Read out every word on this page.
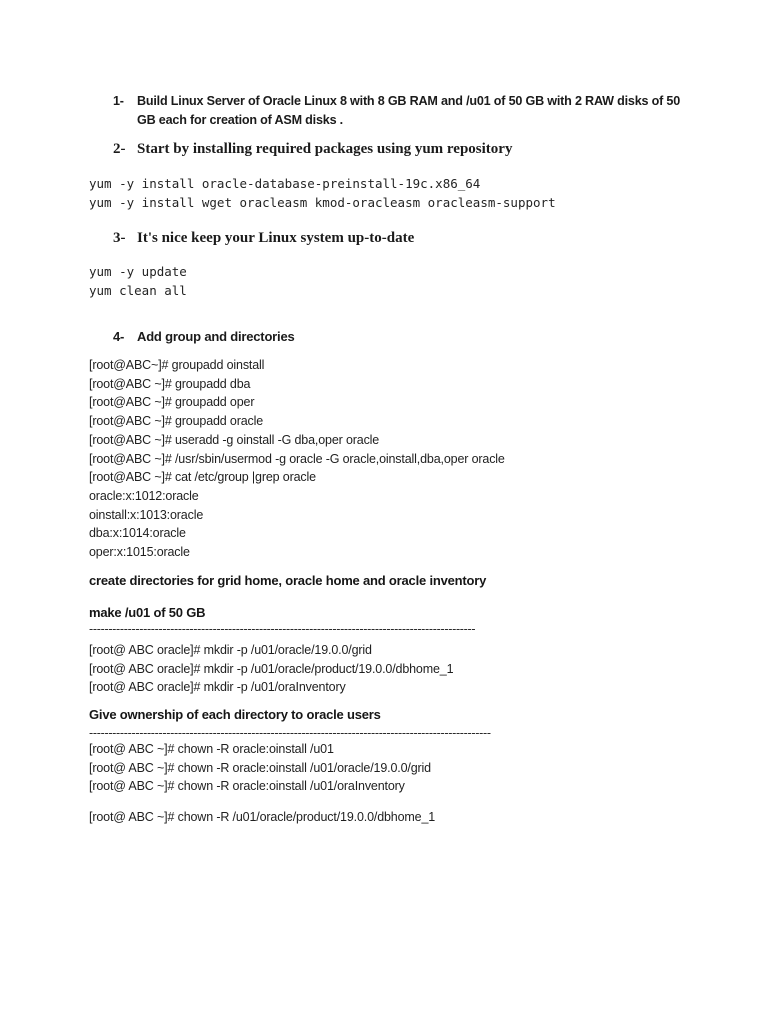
1-	Build Linux Server of Oracle Linux 8 with 8 GB RAM and /u01 of 50 GB with 2 RAW disks of 50
GB each for creation of ASM disks .
2- Start by installing required packages using yum repository
yum -y install oracle-database-preinstall-19c.x86_64
yum -y install wget oracleasm kmod-oracleasm oracleasm-support
3- It's nice keep your Linux system up-to-date
yum -y update
yum clean all
4- Add group and directories
[root@ABC~]# groupadd oinstall
[root@ABC ~]# groupadd dba
[root@ABC ~]# groupadd oper
[root@ABC ~]# groupadd oracle
[root@ABC ~]# useradd -g oinstall -G dba,oper oracle
[root@ABC ~]# /usr/sbin/usermod -g oracle -G oracle,oinstall,dba,oper oracle
[root@ABC ~]# cat /etc/group |grep oracle
oracle:x:1012:oracle
oinstall:x:1013:oracle
dba:x:1014:oracle
oper:x:1015:oracle
create directories for grid home, oracle home and oracle inventory
make /u01 of 50 GB
----------------------------------------------------------------------------------------------------
[root@ ABC oracle]# mkdir -p /u01/oracle/19.0.0/grid
[root@ ABC oracle]# mkdir -p /u01/oracle/product/19.0.0/dbhome_1
[root@ ABC oracle]# mkdir -p /u01/oraInventory
Give ownership of each directory to oracle users
--------------------------------------------------------------------------------------------------------
[root@ ABC ~]# chown -R oracle:oinstall /u01
[root@ ABC ~]# chown -R oracle:oinstall /u01/oracle/19.0.0/grid
[root@ ABC ~]# chown -R oracle:oinstall /u01/oraInventory
[root@ ABC ~]# chown -R /u01/oracle/product/19.0.0/dbhome_1
